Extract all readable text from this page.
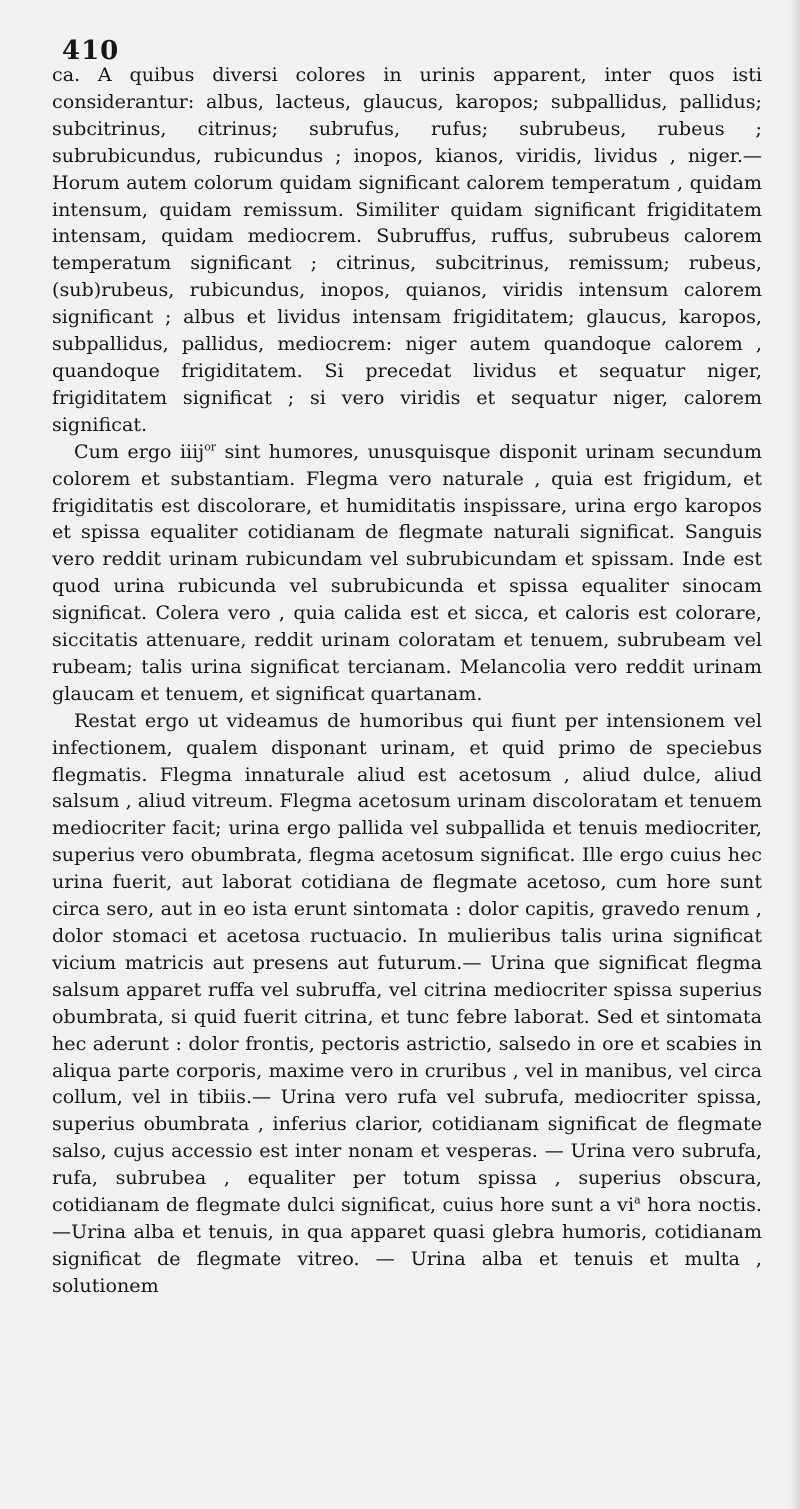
410

ca. A quibus diversi colores in urinis apparent, inter quos isti considerantur: albus, lacteus, glaucus, karopos; subpallidus, pallidus; subcitrinus, citrinus; subrufus, rufus; subrubeus, rubeus ; subrubicundus, rubicundus ; inopos, kianos, viridis, lividus , niger.— Horum autem colorum quidam significant calorem temperatum , quidam intensum, quidam remissum. Similiter quidam significant frigiditatem intensam, quidam mediocrem. Subruffus, ruffus, subrubeus calorem temperatum significant ; citrinus, subcitrinus, remissum; rubeus, (sub)rubeus, rubicundus, inopos, quianos, viridis intensum calorem significant ; albus et lividus intensam frigiditatem; glaucus, karopos, subpallidus, pallidus, mediocrem: niger autem quandoque calorem , quandoque frigiditatem. Si precedat lividus et sequatur niger, frigiditatem significat ; si vero viridis et sequatur niger, calorem significat.

Cum ergo iiij$^{or}$ sint humores, unusquisque disponit urinam secundum colorem et substantiam. Flegma vero naturale , quia est frigidum, et frigiditatis est discolorare, et humiditatis inspissare, urina ergo karopos et spissa equaliter cotidianam de flegmate naturali significat. Sanguis vero reddit urinam rubicundam vel subrubicundam et spissam. Inde est quod urina rubicunda vel subrubicunda et spissa equaliter sinocam significat. Colera vero , quia calida est et sicca, et caloris est colorare, siccitatis attenuare, reddit urinam coloratam et tenuem, subrubeam vel rubeam; talis urina significat tercianam. Melancolia vero reddit urinam glaucam et tenuem, et significat quartanam.

Restat ergo ut videamus de humoribus qui fiunt per intensionem vel infectionem, qualem disponant urinam, et quid primo de speciebus flegmatis. Flegma innaturale aliud est acetosum , aliud dulce, aliud salsum , aliud vitreum. Flegma acetosum urinam discoloratam et tenuem mediocriter facit; urina ergo pallida vel subpallida et tenuis mediocriter, superius vero obumbrata, flegma acetosum significat. Ille ergo cuius hec urina fuerit, aut laborat cotidiana de flegmate acetoso, cum hore sunt circa sero, aut in eo ista erunt sintomata : dolor capitis, gravedo renum , dolor stomaci et acetosa ructuacio. In mulieribus talis urina significat vicium matricis aut presens aut futurum.— Urina que significat flegma salsum apparet ruffa vel subruffa, vel citrina mediocriter spissa superius obumbrata, si quid fuerit citrina, et tunc febre laborat. Sed et sintomata hec aderunt : dolor frontis, pectoris astrictio, salsedo in ore et scabies in aliqua parte corporis, maxime vero in cruribus , vel in manibus, vel circa collum, vel in tibiis.— Urina vero rufa vel subrufa, mediocriter spissa, superius obumbrata , inferius clarior, cotidianam significat de flegmate salso, cujus accessio est inter nonam et vesperas. — Urina vero subrufa, rufa, subrubea , equaliter per totum spissa , superius obscura, cotidianam de flegmate dulci significat, cuius hore sunt a $vi^a$ hora noctis.—Urina alba et tenuis, in qua apparet quasi glebra humoris, cotidianam significat de flegmate vitreo. — Urina alba et tenuis et multa , solutionem
